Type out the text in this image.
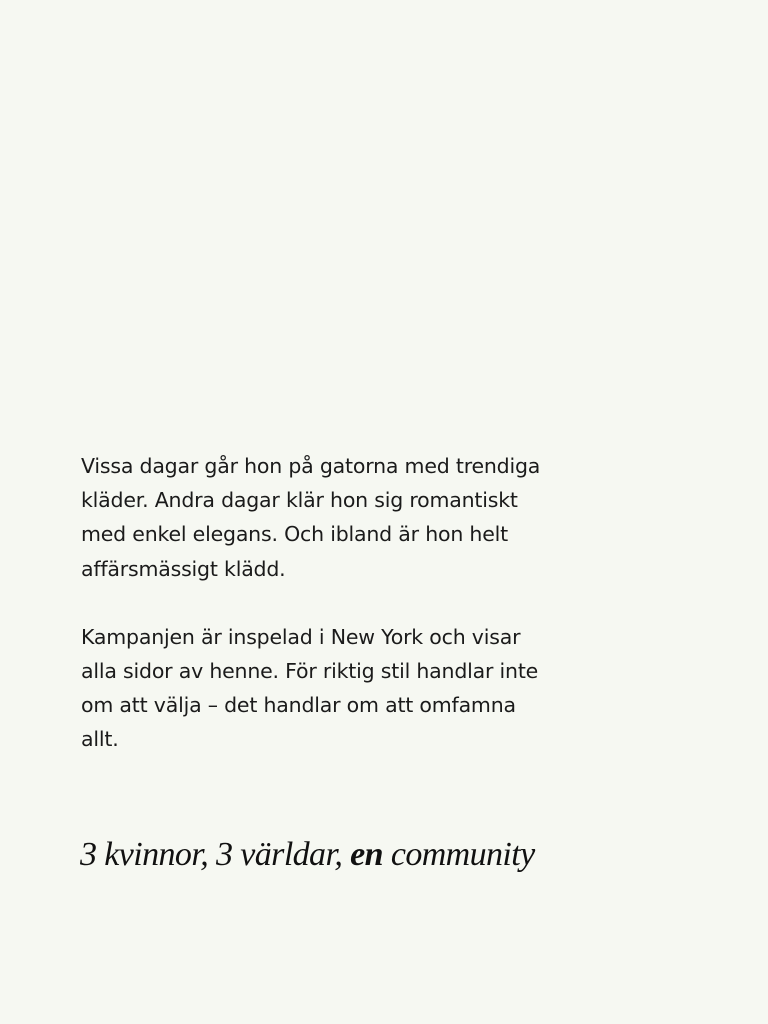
Vissa dagar går hon på gatorna med trendiga kläder. Andra dagar klär hon sig romantiskt med enkel elegans. Och ibland är hon helt affärsmässigt klädd.

Kampanjen är inspelad i New York och visar alla sidor av henne. För riktig stil handlar inte om att välja – det handlar om att omfamna allt.

3 kvinnor, 3 världar, en community
